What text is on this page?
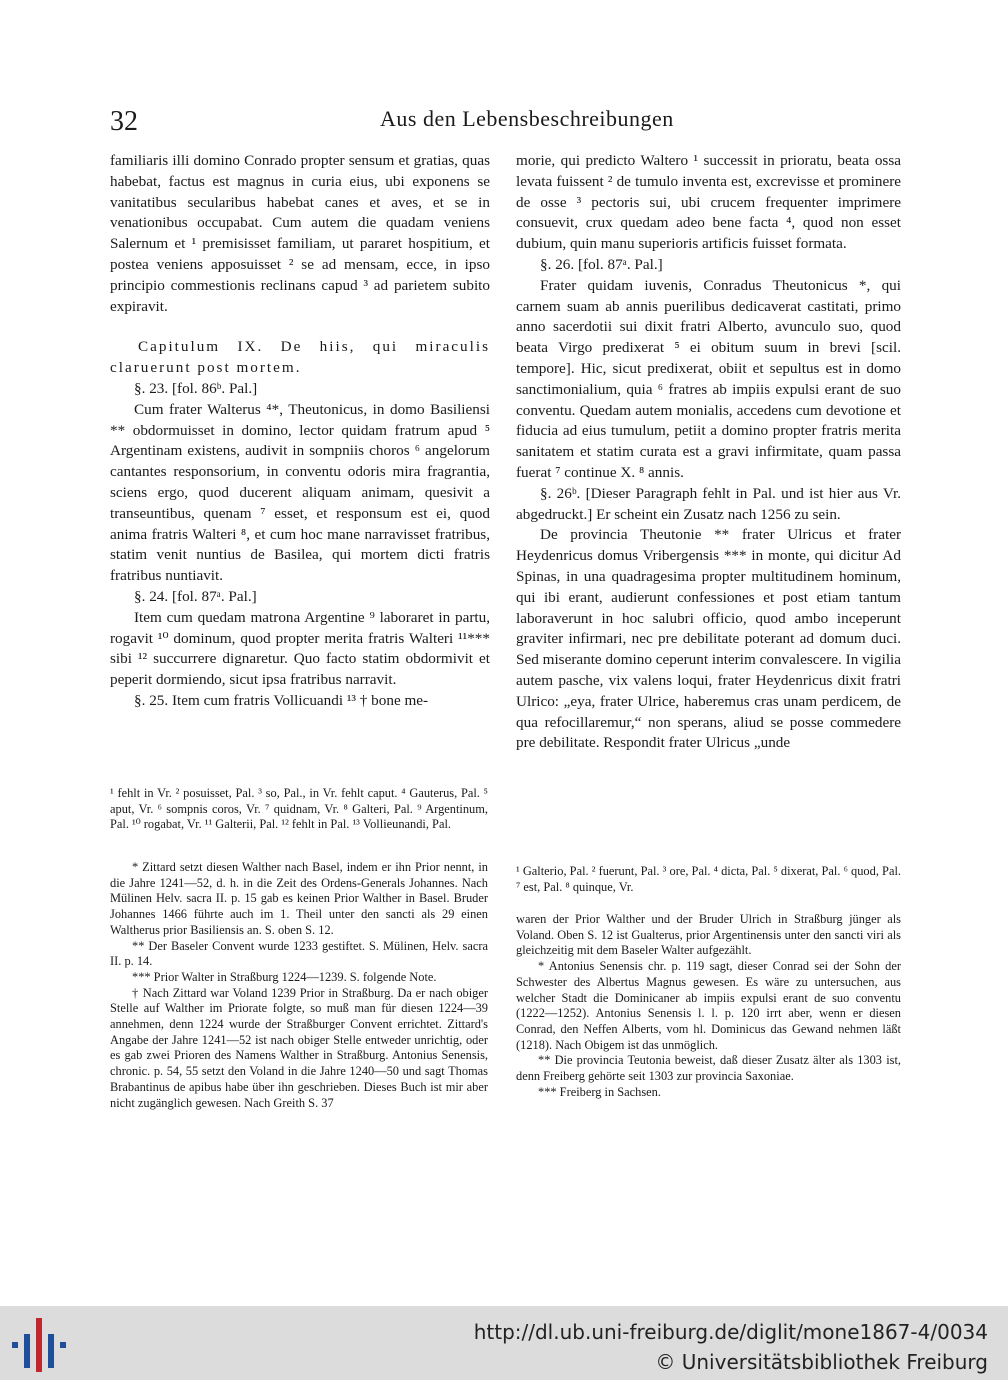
32	Aus den Lebensbeschreibungen

familiaris illi domino Conrado propter sensum et gratias, quas habebat, factus est magnus in curia eius, ubi exponens se vanitatibus secularibus habebat canes et aves, et se in venationibus occupabat. Cum autem die quadam veniens Salernum et ¹ premisisset familiam, ut pararet hospitium, et postea veniens apposuisset ² se ad mensam, ecce, in ipso principio commestionis reclinans capud ³ ad parietem subito expiravit.

Capitulum IX. De hiis, qui miraculis claruerunt post mortem.

§. 23. [fol. 86ᵇ. Pal.]

Cum frater Walterus ⁴*, Theutonicus, in domo Basiliensi ** obdormuisset in domino, lector quidam fratrum apud ⁵ Argentinam existens, audivit in sompniis choros ⁶ angelorum cantantes responsorium, in conventu odoris mira fragrantia, sciens ergo, quod ducerent aliquam animam, quesivit a transeuntibus, quenam ⁷ esset, et responsum est ei, quod anima fratris Walteri ⁸, et cum hoc mane narravisset fratribus, statim venit nuntius de Basilea, qui mortem dicti fratris fratribus nuntiavit.

§. 24. [fol. 87ᵃ. Pal.]

Item cum quedam matrona Argentine ⁹ laboraret in partu, rogavit ¹⁰ dominum, quod propter merita fratris Walteri ¹¹*** sibi ¹² succurrere dignaretur. Quo facto statim obdormivit et peperit dormiendo, sicut ipsa fratribus narravit.

§. 25. Item cum fratris Vollicuandi ¹³ † bone me-

morie, qui predicto Waltero ¹ successit in prioratu, beata ossa levata fuissent ² de tumulo inventa est, excrevisse et prominere de osse ³ pectoris sui, ubi crucem frequenter imprimere consuevit, crux quedam adeo bene facta ⁴, quod non esset dubium, quin manu superioris artificis fuisset formata.

§. 26. [fol. 87ᵃ. Pal.]

Frater quidam iuvenis, Conradus Theutonicus *, qui carnem suam ab annis puerilibus dedicaverat castitati, primo anno sacerdotii sui dixit fratri Alberto, avunculo suo, quod beata Virgo predixerat ⁵ ei obitum suum in brevi [scil. tempore]. Hic, sicut predixerat, obiit et sepultus est in domo sanctimonialium, quia ⁶ fratres ab impiis expulsi erant de suo conventu. Quedam autem monialis, accedens cum devotione et fiducia ad eius tumulum, petiit a domino propter fratris merita sanitatem et statim curata est a gravi infirmitate, quam passa fuerat ⁷ continue X. ⁸ annis.

§. 26ᵇ. [Dieser Paragraph fehlt in Pal. und ist hier aus Vr. abgedruckt.] Er scheint ein Zusatz nach 1256 zu sein.

De provincia Theutonie ** frater Ulricus et frater Heydenricus domus Vribergensis *** in monte, qui dicitur Ad Spinas, in una quadragesima propter multitudinem hominum, qui ibi erant, audierunt confessiones et post etiam tantum laboraverunt in hoc salubri officio, quod ambo inceperunt graviter infirmari, nec pre debilitate poterant ad domum duci. Sed miserante domino ceperunt interim convalescere. In vigilia autem pasche, vix valens loqui, frater Heydenricus dixit fratri Ulrico: „eya, frater Ulrice, haberemus cras unam perdicem, de qua refocillaremur,“ non sperans, aliud se posse commedere pre debilitate. Respondit frater Ulricus „unde

¹ fehlt in Vr. ² posuisset, Pal. ³ so, Pal., in Vr. fehlt caput. ⁴ Gauterus, Pal. ⁵ aput, Vr. ⁶ sompnis coros, Vr. ⁷ quidnam, Vr. ⁸ Galteri, Pal. ⁹ Argentinum, Pal. ¹⁰ rogabat, Vr. ¹¹ Galterii, Pal. ¹² fehlt in Pal. ¹³ Vollieunandi, Pal.

* Zittard setzt diesen Walther nach Basel, indem er ihn Prior nennt, in die Jahre 1241—52, d. h. in die Zeit des Ordens-Generals Johannes. Nach Mülinen Helv. sacra II. p. 15 gab es keinen Prior Walther in Basel. Bruder Johannes 1466 führte auch im 1. Theil unter den sancti als 29 einen Waltherus prior Basiliensis an. S. oben S. 12.

** Der Baseler Convent wurde 1233 gestiftet. S. Mülinen, Helv. sacra II. p. 14.

*** Prior Walter in Straßburg 1224—1239. S. folgende Note.

† Nach Zittard war Voland 1239 Prior in Straßburg. Da er nach obiger Stelle auf Walther im Priorate folgte, so muß man für diesen 1224—39 annehmen, denn 1224 wurde der Straßburger Convent errichtet. Zittard's Angabe der Jahre 1241—52 ist nach obiger Stelle entweder unrichtig, oder es gab zwei Prioren des Namens Walther in Straßburg. Antonius Senensis, chronic. p. 54, 55 setzt den Voland in die Jahre 1240—50 und sagt Thomas Brabantinus de apibus habe über ihn geschrieben. Dieses Buch ist mir aber nicht zugänglich gewesen. Nach Greith S. 37

¹ Galterio, Pal. ² fuerunt, Pal. ³ ore, Pal. ⁴ dicta, Pal. ⁵ dixerat, Pal. ⁶ quod, Pal. ⁷ est, Pal. ⁸ quinque, Vr.

waren der Prior Walther und der Bruder Ulrich in Straßburg jünger als Voland. Oben S. 12 ist Gualterus, prior Argentinensis unter den sancti viri als gleichzeitig mit dem Baseler Walter aufgezählt.

* Antonius Senensis chr. p. 119 sagt, dieser Conrad sei der Sohn der Schwester des Albertus Magnus gewesen. Es wäre zu untersuchen, aus welcher Stadt die Dominicaner ab impiis expulsi erant de suo conventu (1222—1252). Antonius Senensis l. l. p. 120 irrt aber, wenn er diesen Conrad, den Neffen Alberts, vom hl. Dominicus das Gewand nehmen läßt (1218). Nach Obigem ist das unmöglich.

** Die provincia Teutonia beweist, daß dieser Zusatz älter als 1303 ist, denn Freiberg gehörte seit 1303 zur provincia Saxoniae.

*** Freiberg in Sachsen.

http://dl.ub.uni-freiburg.de/diglit/mone1867-4/0034
© Universitätsbibliothek Freiburg
